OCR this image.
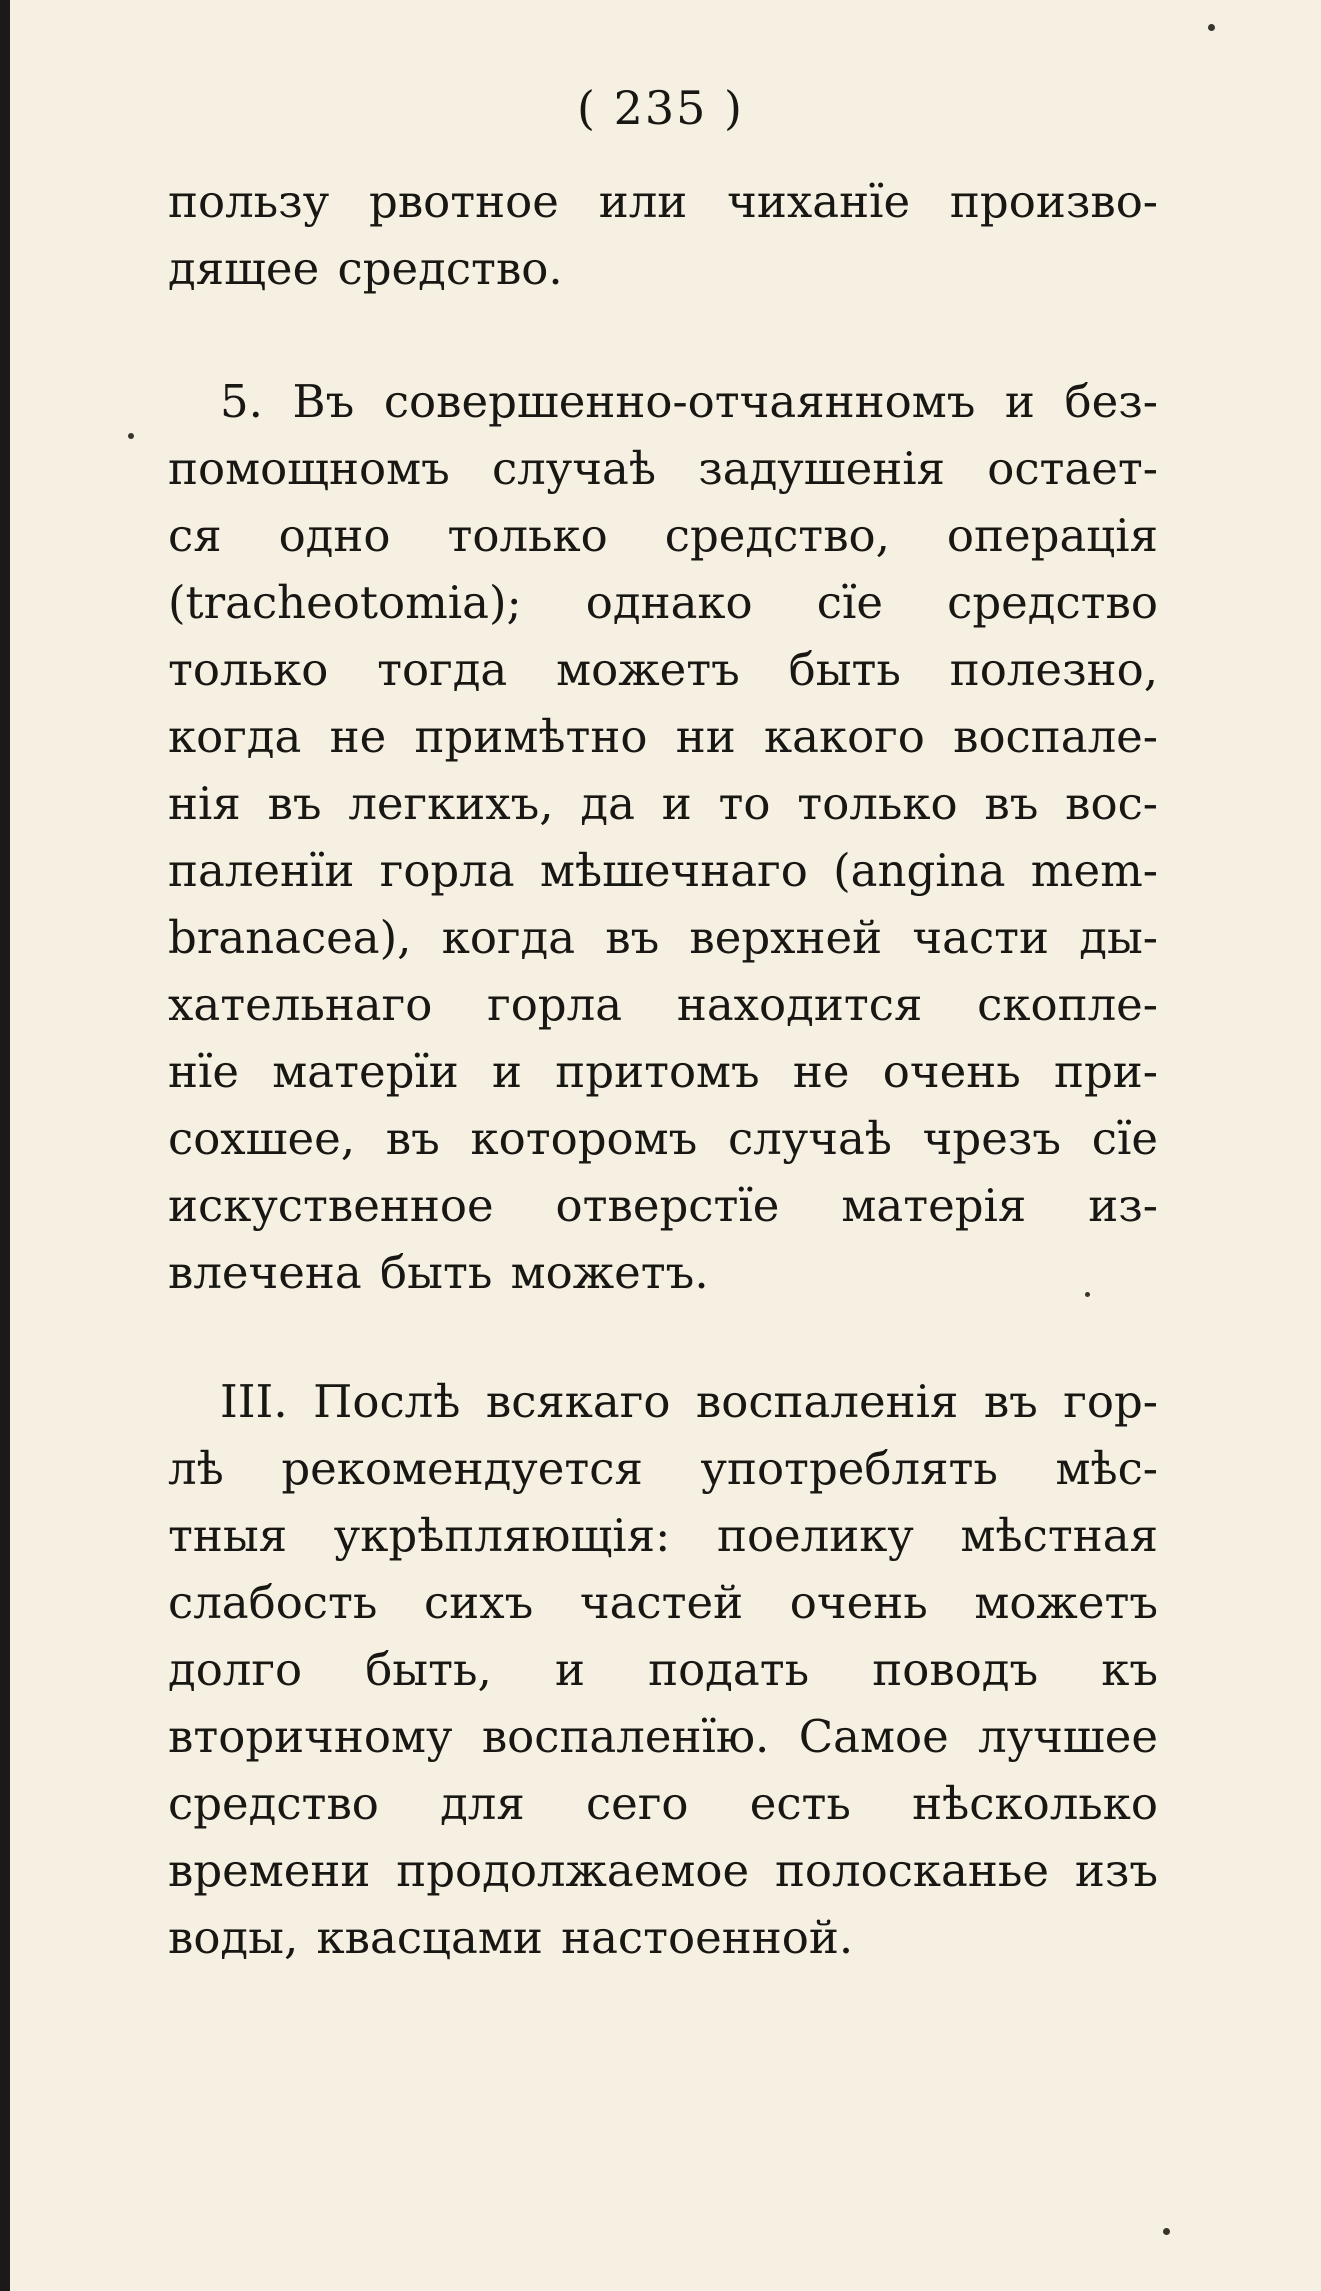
( 235 )
пользу рвотное или чиханїе произво-
дящее средство.
5. Въ совершенно-отчаянномъ и без-
помощномъ случаѣ задушенія остает-
ся одно только средство, операція
(tracheotomia); однако сїе средство
только тогда можетъ быть полезно,
когда не примѣтно ни какого воспале-
нія въ легкихъ, да и то только въ вос-
паленїи горла мѣшечнаго (angina mem-
branacea), когда въ верхней части ды-
хательнаго горла находится скопле-
нїе матерїи и притомъ не очень при-
сохшее, въ которомъ случаѣ чрезъ сїе
искуственное отверстїе матерія из-
влечена быть можетъ.
III. Послѣ всякаго воспаленія въ гор-
лѣ рекомендуется употреблять мѣс-
тныя укрѣпляющія: поелику мѣстная
слабость сихъ частей очень можетъ
долго быть, и подать поводъ къ
вторичному воспаленїю. Самое лучшее
средство для сего есть нѣсколько
времени продолжаемое полосканье изъ
воды, квасцами настоенной.
